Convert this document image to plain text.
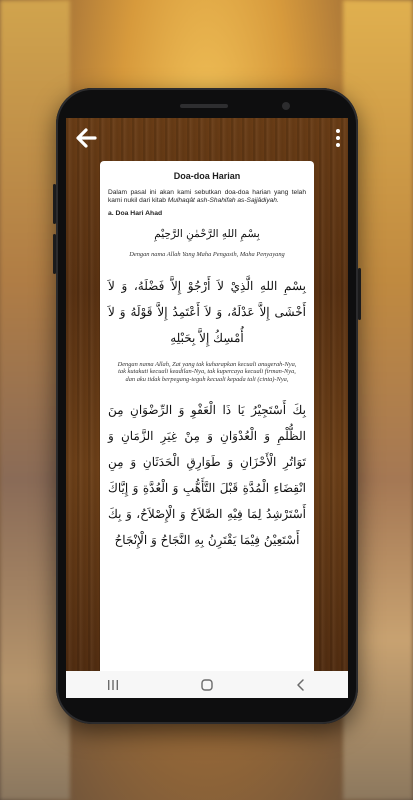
Doa-doa Harian

Dalam pasal ini akan kami sebutkan doa-doa harian yang telah kami nukil dari kitab Mulhaqât ash-Shahifah as-Sajjâdiyah.

a. Doa Hari Ahad

بِسْمِ اللهِ الرَّحْمٰنِ الرَّحِيْمِ

Dengan nama Allah Yang Maha Pengasih, Maha Penyayang

بِسْمِ اللهِ الَّذِيْ لاَ أَرْجُوْ إِلاَّ فَضْلَهُ، وَ لاَ أَخْشَى إِلاَّ عَدْلَهُ، وَ لاَ أَعْتَمِدُ إِلاَّ قَوْلَهُ وَ لاَ أُمْسِكُ إِلاَّ بِحَبْلِهِ

Dengan nama Allah, Zat yang tak kuharapkan kecuali anugerah-Nya, tak kutakuti kecuali keadilan-Nya, tak kupercaya kecuali firman-Nya, dan aku tidak berpegang-teguh kecuali kepada tali (cinta)-Nya,

بِكَ أَسْتَجِيْرُ يَا ذَا الْعَفْوِ وَ الرِّضْوَانِ مِنَ الظُّلْمِ وَ الْعُدْوَانِ وَ مِنْ غِيَرِ الزَّمَانِ وَ تَوَاتُرِ الْأَحْزَانِ وَ طَوَارِقِ الْحَدَثَانِ وَ مِنِ انْقِضَاءِ الْمُدَّةِ قَبْلَ التَّأَهُّبِ وَ الْعُدَّةِ وَ إِيَّاكَ أَسْتَرْشِدُ لِمَا فِيْهِ الصَّلاَحُ وَ الْإِصْلاَحُ، وَ بِكَ أَسْتَعِيْنُ فِيْمَا يَقْتَرِنُ بِهِ النَّجَاحُ وَ الْإِنْجَاحُ
